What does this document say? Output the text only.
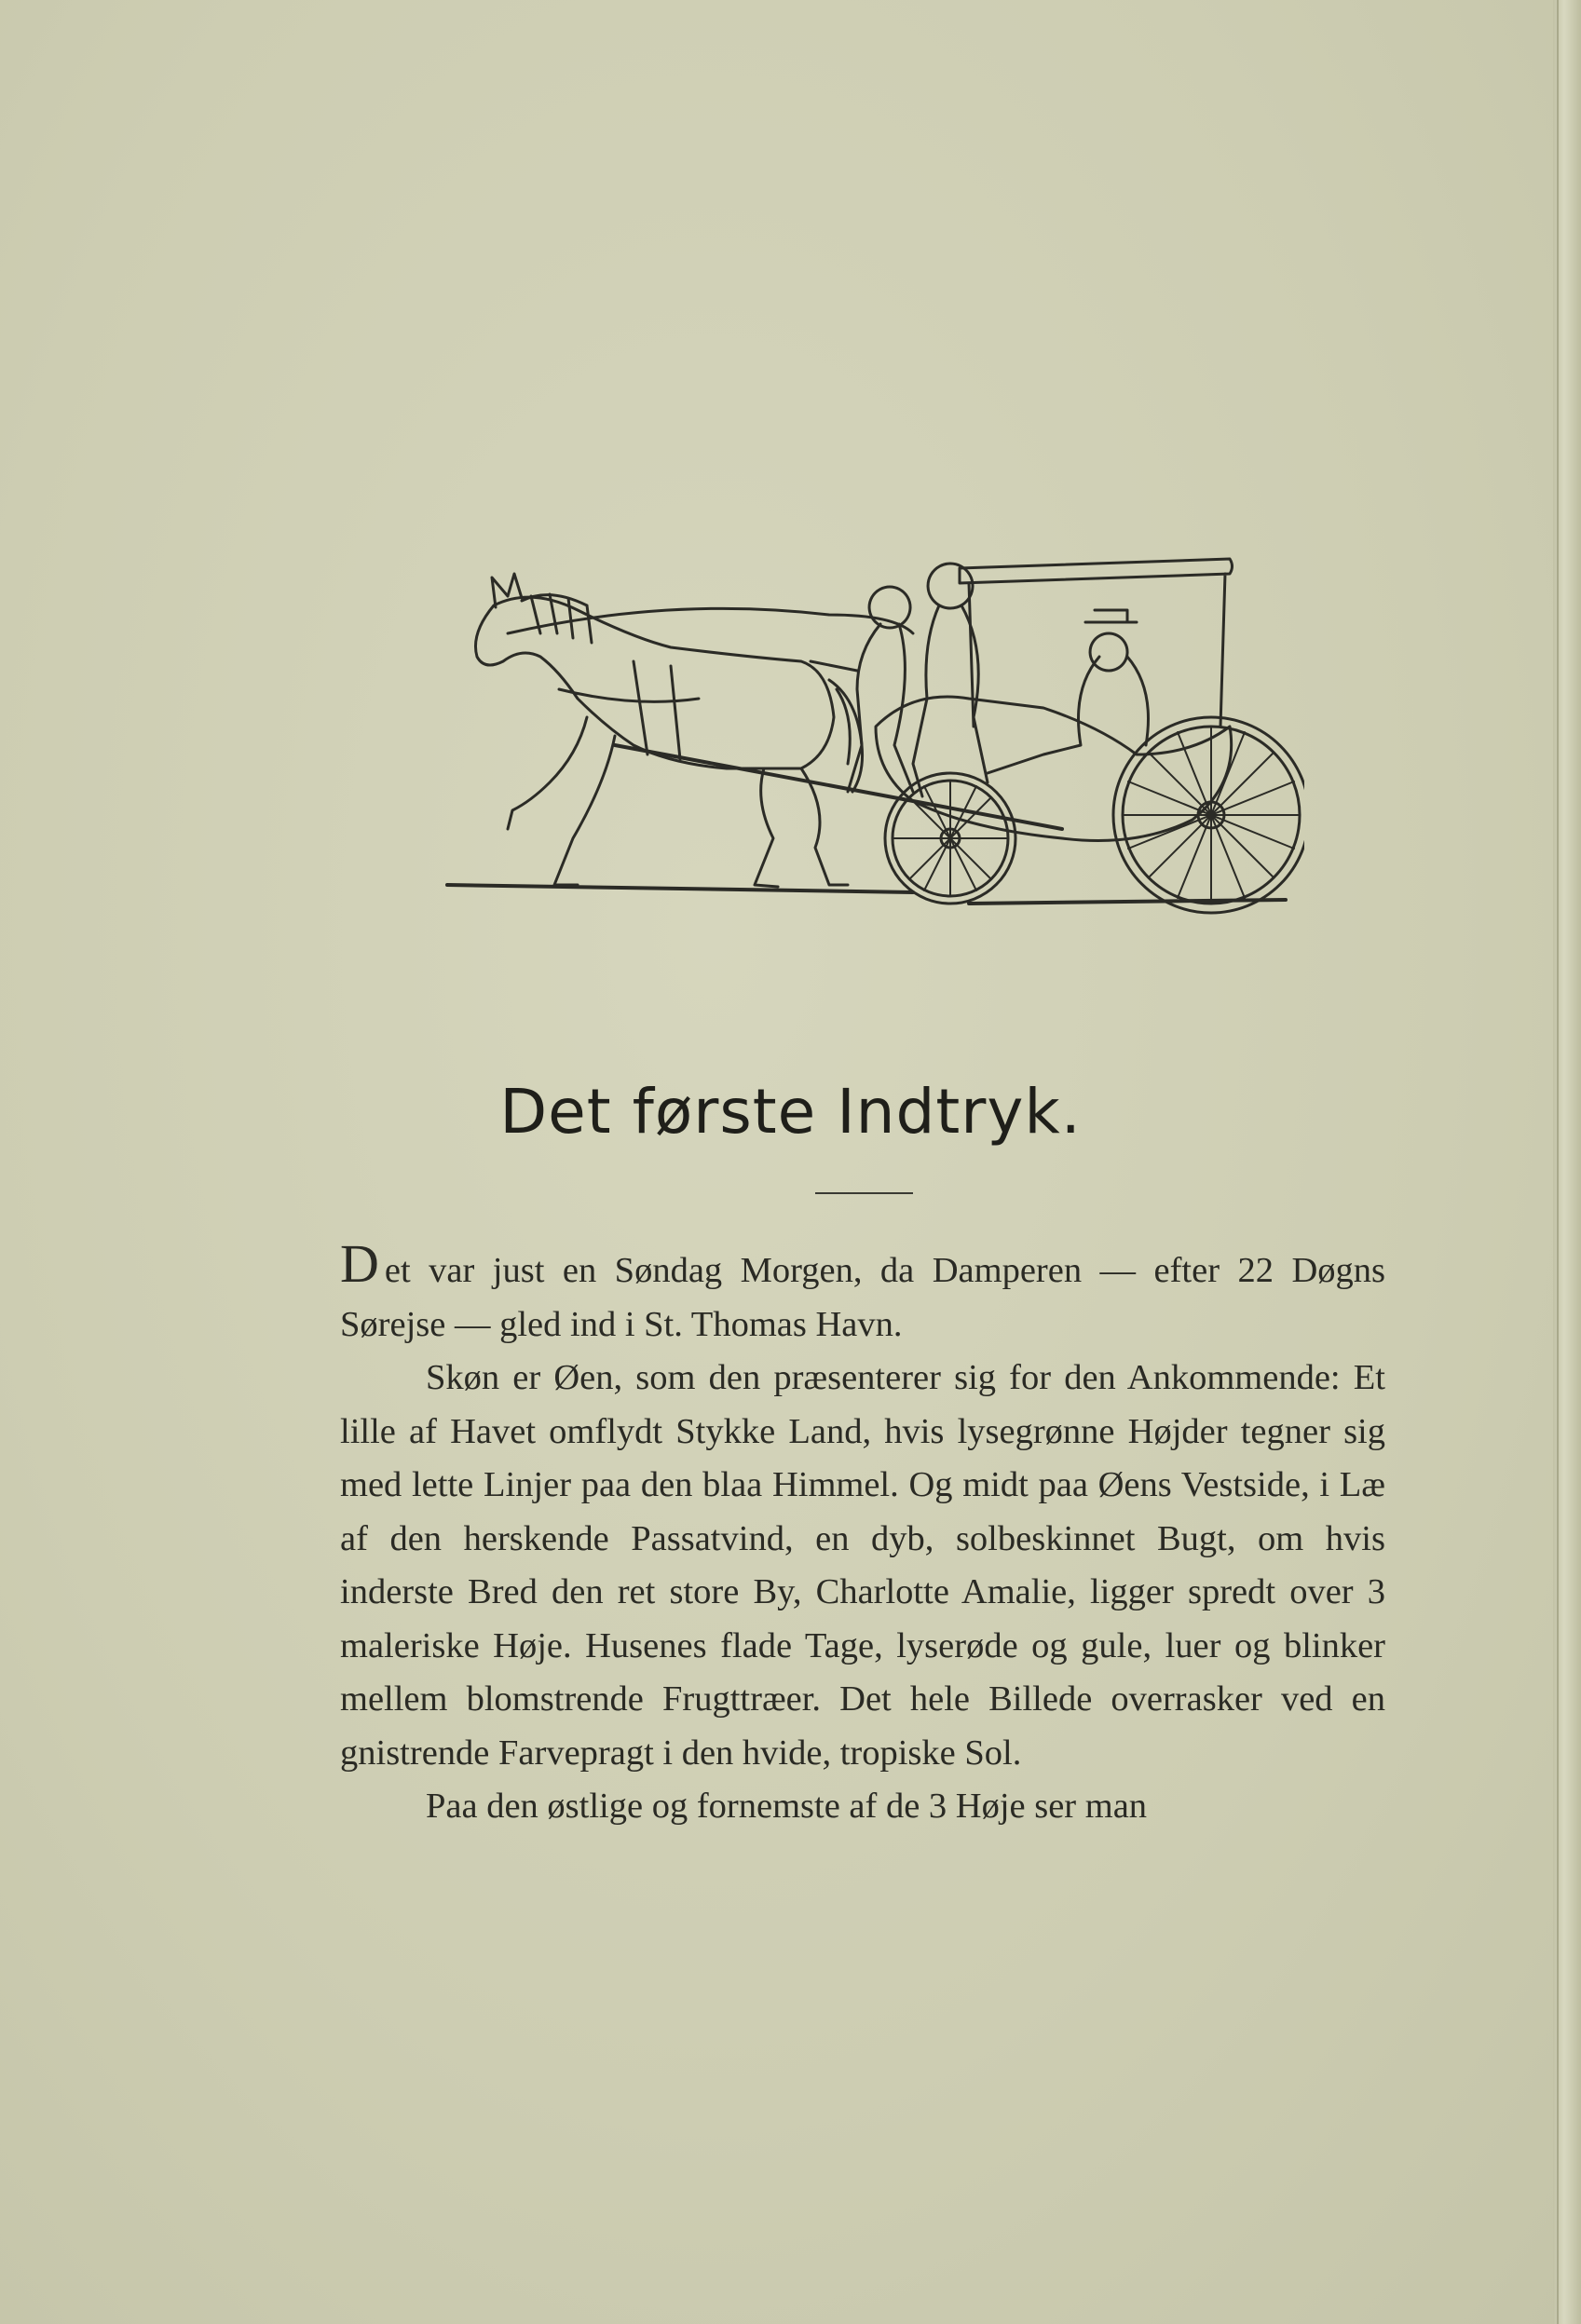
Det første Indtryk.

Det var just en Søndag Morgen, da Damperen — efter 22 Døgns Sørejse — gled ind i St. Thomas Havn.

Skøn er Øen, som den præsenterer sig for den Ankommende: Et lille af Havet omflydt Stykke Land, hvis lysegrønne Højder tegner sig med lette Linjer paa den blaa Himmel. Og midt paa Øens Vestside, i Læ af den herskende Passatvind, en dyb, solbeskinnet Bugt, om hvis inderste Bred den ret store By, Charlotte Amalie, ligger spredt over 3 maleriske Høje. Husenes flade Tage, lyserøde og gule, luer og blinker mellem blomstrende Frugttræer. Det hele Billede overrasker ved en gnistrende Farvepragt i den hvide, tropiske Sol.

Paa den østlige og fornemste af de 3 Høje ser man
